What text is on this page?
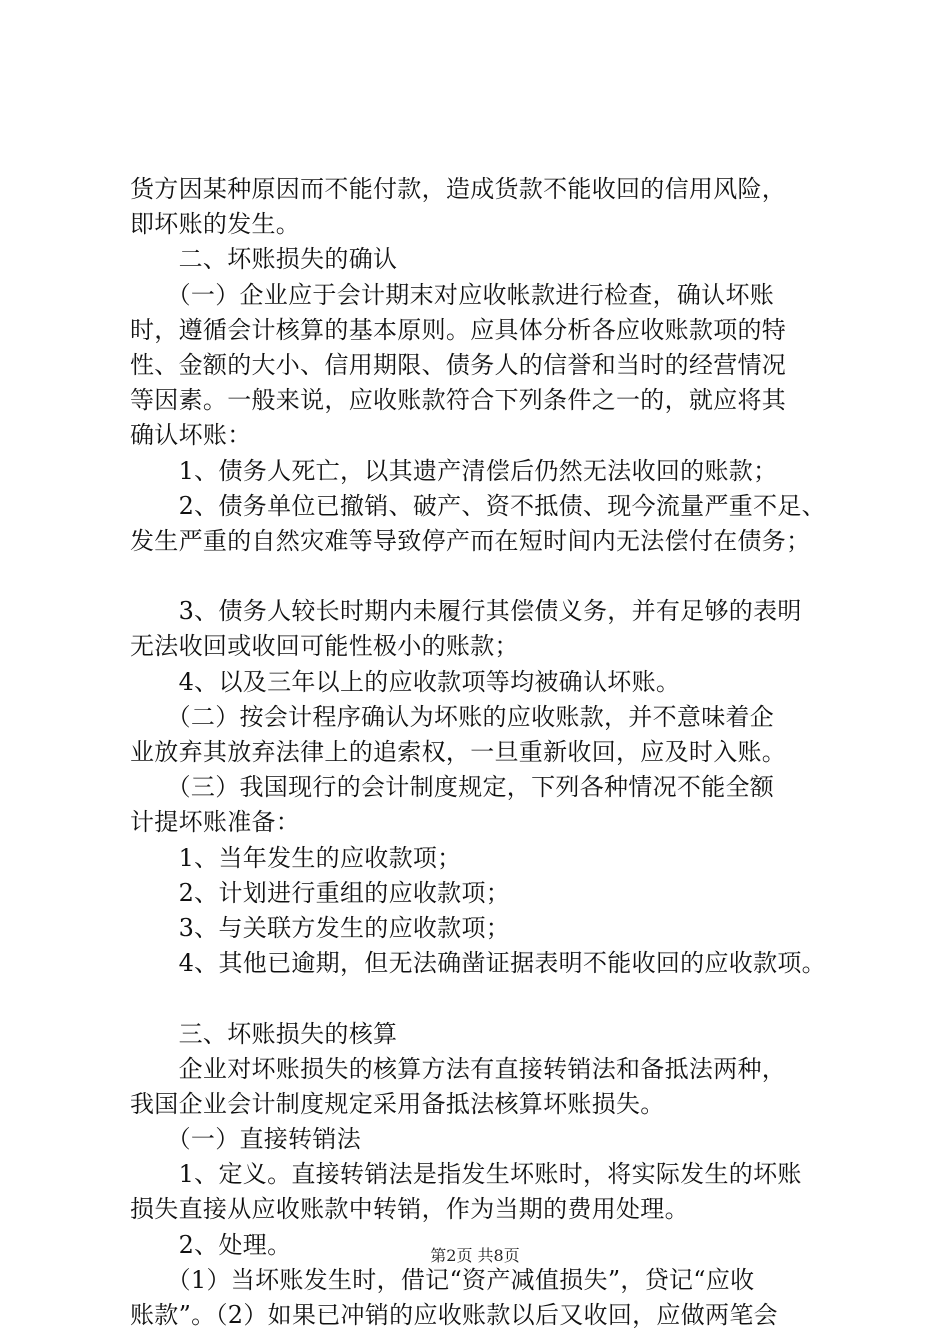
货方因某种原因而不能付款，造成货款不能收回的信用风险，
即坏账的发生。
　　二、坏账损失的确认
　　（一）企业应于会计期末对应收帐款进行检查，确认坏账
时，遵循会计核算的基本原则。应具体分析各应收账款项的特
性、金额的大小、信用期限、债务人的信誉和当时的经营情况
等因素。一般来说，应收账款符合下列条件之一的，就应将其
确认坏账：
　　1、债务人死亡，以其遗产清偿后仍然无法收回的账款；
　　2、债务单位已撤销、破产、资不抵债、现今流量严重不足、
发生严重的自然灾难等导致停产而在短时间内无法偿付在债务；
　　3、债务人较长时期内未履行其偿债义务，并有足够的表明
无法收回或收回可能性极小的账款；
　　4、以及三年以上的应收款项等均被确认坏账。
　　（二）按会计程序确认为坏账的应收账款，并不意味着企
业放弃其放弃法律上的追索权，一旦重新收回，应及时入账。
　　（三）我国现行的会计制度规定，下列各种情况不能全额
计提坏账准备：
　　1、当年发生的应收款项；
　　2、计划进行重组的应收款项；
　　3、与关联方发生的应收款项；
　　4、其他已逾期，但无法确凿证据表明不能收回的应收款项。
　　三、坏账损失的核算
　　企业对坏账损失的核算方法有直接转销法和备抵法两种，
我国企业会计制度规定采用备抵法核算坏账损失。
　　（一）直接转销法
　　1、定义。直接转销法是指发生坏账时，将实际发生的坏账
损失直接从应收账款中转销，作为当期的费用处理。
　　2、处理。
　　（1）当坏账发生时，借记“资产减值损失”，贷记“应收
账款”。（2）如果已冲销的应收账款以后又收回，应做两笔会
第2页 共8页
